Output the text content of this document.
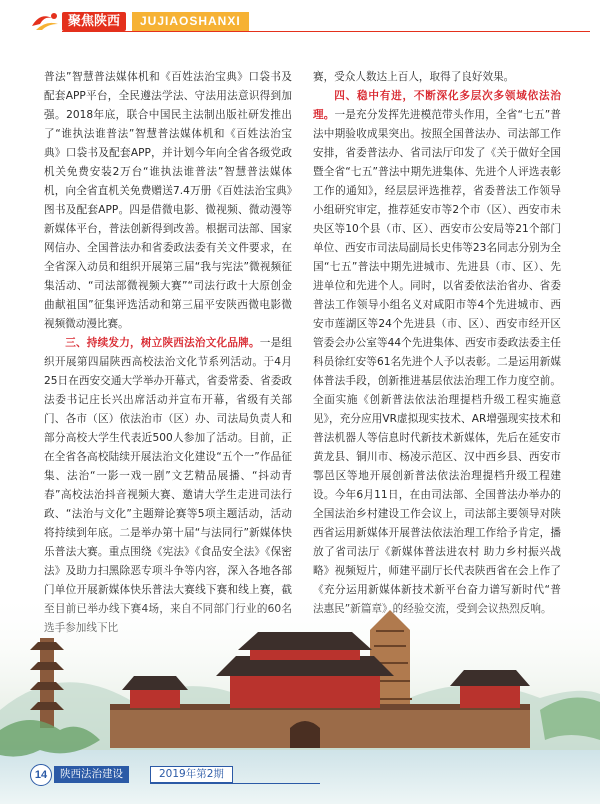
聚焦陕西	JUJIAOSHANXI

普法”智慧普法媒体机和《百姓法治宝典》口袋书及配套APP平台，全民遵法学法、守法用法意识得到加强。2018年底，联合中国民主法制出版社研发推出了“谁执法谁普法”智慧普法媒体机和《百姓法治宝典》口袋书及配套APP，并计划今年向全省各级党政机关免费安装2万台“谁执法谁普法”智慧普法媒体机，向全省直机关免费赠送7.4万册《百姓法治宝典》图书及配套APP。四是借微电影、微视频、微动漫等新媒体平台，普法创新得到改善。根据司法部、国家网信办、全国普法办和省委政法委有关文件要求，在全省深入动员和组织开展第三届“我与宪法”微视频征集活动、“司法部微视频大赛”“司法行政十大原创金曲献祖国”征集评选活动和第三届平安陕西微电影微视频微动漫比赛。

三、持续发力，树立陕西法治文化品牌。一是组织开展第四届陕西高校法治文化节系列活动。于4月25日在西安交通大学举办开幕式，省委常委、省委政法委书记庄长兴出席活动并宣布开幕，省级有关部门、各市（区）依法治市（区）办、司法局负责人和部分高校大学生代表近500人参加了活动。目前，正在全省各高校陆续开展法治文化建设“五个一”作品征集、法治“一影一戏一剧”文艺精品展播、“抖动青春”高校法治抖音视频大赛、邀请大学生走进司法行政、“法治与文化”主题辩论赛等5项主题活动，活动将持续到年底。二是举办第十届“与法同行”新媒体快乐普法大赛。重点围绕《宪法》《食品安全法》《保密法》及助力扫黑除恶专项斗争等内容，深入各地各部

赛，受众人数达上百人，取得了良好效果。

四、稳中有进，不断深化多层次多领域依法治理。一是充分发挥先进模范带头作用，全省“七五”普法中期验收成果突出。按照全国普法办、司法部工作安排，省委普法办、省司法厅印发了《关于做好全国暨全省“七五”普法中期先进集体、先进个人评选表彰工作的通知》，经层层评选推荐，省委普法工作领导小组研究审定，推荐延安市等2个市（区）、西安市未央区等10个县（市、区）、西安市公安局等21个部门单位、西安市司法局副局长史伟等23名同志分别为全国“七五”普法中期先进城市、先进县（市、区）、先进单位和先进个人。同时，以省委依法治省办、省委普法工作领导小组名义对咸阳市等4个先进城市、西安市莲湖区等24个先进县（市、区）、西安市经开区管委会办公室等44个先进集体、西安市委政法委主任科员徐红安等61名先进个人予以表彰。二是运用新媒体普法手段，创新推进基层依法治理工作力度空前。全面实施《创新普法依法治理提档升级工程实施意见》，充分应用VR虚拟现实技术、AR增强现实技术和普法机器人等信息时代新技术新媒体，先后在延安市黄龙县、铜川市、杨凌示范区、汉中西乡县、西安市鄠邑区等地开展创新普法依法治理提档升级工程建设。今年6月11日，在由司法部、全国普法办举办的全国法治乡村建设工作会议上，司法部主要领导对陕西省运用新媒体开展普法依法治理工作给予肯定，播放了省司法厅《新媒体普法进农村 助力乡村振兴战略》视频短片，师建平副厅长代表陕西省在会上作了

14	陕西法治建设	2019年第2期
